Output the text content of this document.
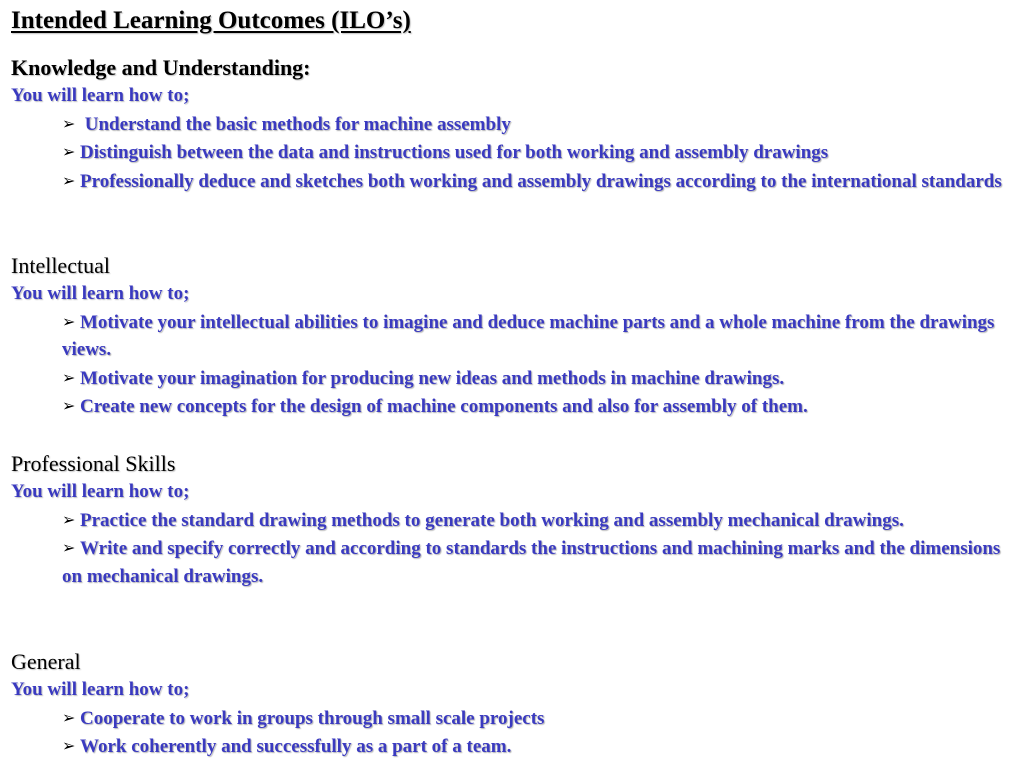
Intended Learning Outcomes (ILO’s)
Knowledge and Understanding:
You will learn how to;
➢ Understand the basic methods for machine assembly
➢ Distinguish between the data and instructions used for both working and assembly drawings
➢ Professionally deduce and sketches both working and assembly drawings according to the international standards
Intellectual
You will learn how to;
➢ Motivate your intellectual abilities to imagine and deduce machine parts and a whole machine from the drawings views.
➢ Motivate your imagination for producing new ideas and methods in machine drawings.
➢ Create new concepts for the design of machine components and also for assembly of them.
Professional Skills
You will learn how to;
➢ Practice the standard drawing methods to generate both working and assembly mechanical drawings.
➢ Write and specify correctly and according to standards the instructions and machining marks and the dimensions on mechanical drawings.
General
You will learn how to;
➢ Cooperate to work in groups through small scale projects
➢ Work coherently and successfully as a part of a team.
